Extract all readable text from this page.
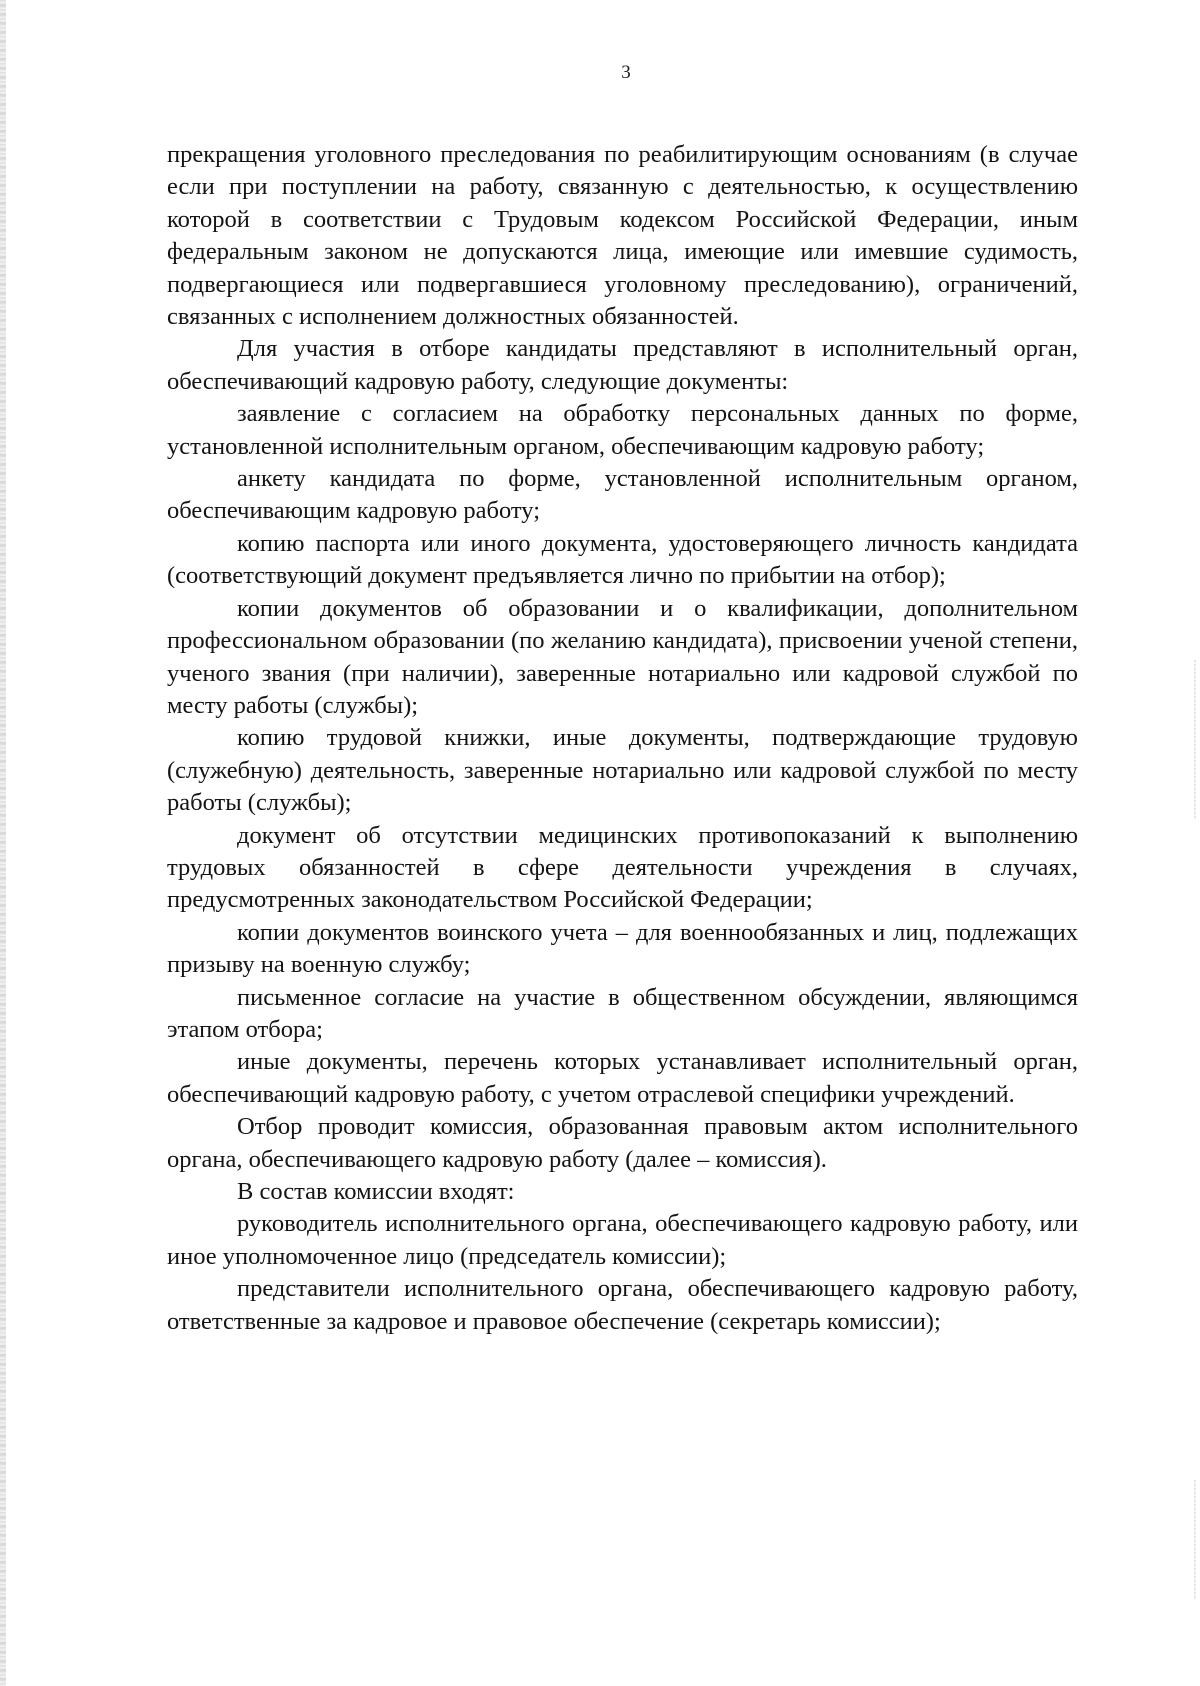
3

прекращения уголовного преследования по реабилитирующим основаниям (в случае если при поступлении на работу, связанную с деятельностью, к осуществлению которой в соответствии с Трудовым кодексом Российской Федерации, иным федеральным законом не допускаются лица, имеющие или имевшие судимость, подвергающиеся или подвергавшиеся уголовному преследованию), ограничений, связанных с исполнением должностных обязанностей.

Для участия в отборе кандидаты представляют в исполнительный орган, обеспечивающий кадровую работу, следующие документы:

заявление с согласием на обработку персональных данных по форме, установленной исполнительным органом, обеспечивающим кадровую работу;

анкету кандидата по форме, установленной исполнительным органом, обеспечивающим кадровую работу;

копию паспорта или иного документа, удостоверяющего личность кандидата (соответствующий документ предъявляется лично по прибытии на отбор);

копии документов об образовании и о квалификации, дополнительном профессиональном образовании (по желанию кандидата), присвоении ученой степени, ученого звания (при наличии), заверенные нотариально или кадровой службой по месту работы (службы);

копию трудовой книжки, иные документы, подтверждающие трудовую (служебную) деятельность, заверенные нотариально или кадровой службой по месту работы (службы);

документ об отсутствии медицинских противопоказаний к выполнению трудовых обязанностей в сфере деятельности учреждения в случаях, предусмотренных законодательством Российской Федерации;

копии документов воинского учета – для военнообязанных и лиц, подлежащих призыву на военную службу;

письменное согласие на участие в общественном обсуждении, являющимся этапом отбора;

иные документы, перечень которых устанавливает исполнительный орган, обеспечивающий кадровую работу, с учетом отраслевой специфики учреждений.

Отбор проводит комиссия, образованная правовым актом исполнительного органа, обеспечивающего кадровую работу (далее – комиссия).

В состав комиссии входят:

руководитель исполнительного органа, обеспечивающего кадровую работу, или иное уполномоченное лицо (председатель комиссии);

представители исполнительного органа, обеспечивающего кадровую работу, ответственные за кадровое и правовое обеспечение (секретарь комиссии);
